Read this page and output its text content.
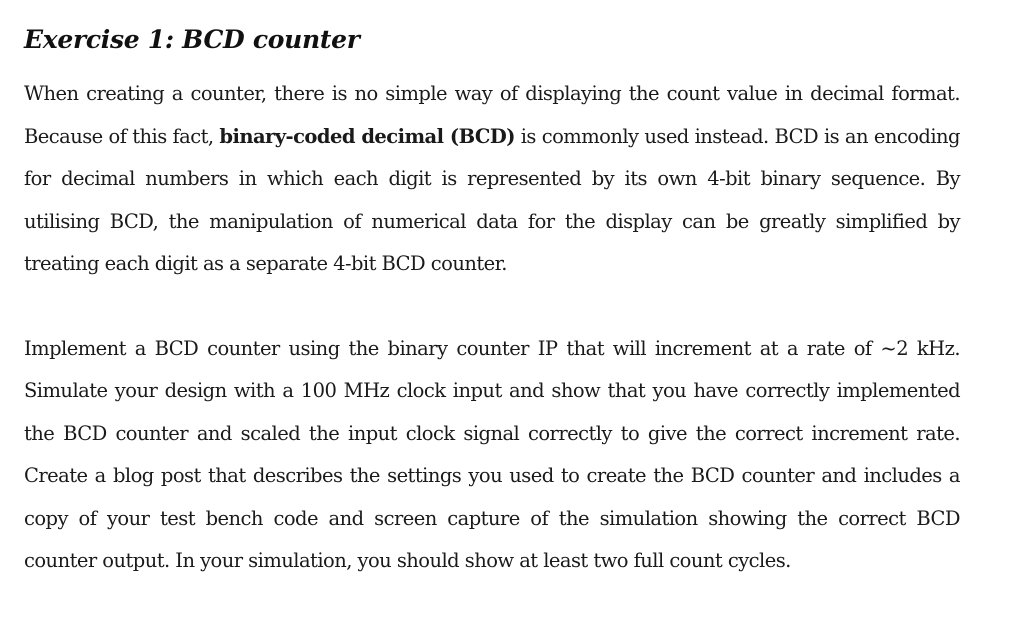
Exercise 1: BCD counter

When creating a counter, there is no simple way of displaying the count value in decimal format. Because of this fact, binary-coded decimal (BCD) is commonly used instead. BCD is an encoding for decimal numbers in which each digit is represented by its own 4-bit binary sequence. By utilising BCD, the manipulation of numerical data for the display can be greatly simplified by treating each digit as a separate 4-bit BCD counter.

Implement a BCD counter using the binary counter IP that will increment at a rate of ~2 kHz. Simulate your design with a 100 MHz clock input and show that you have correctly implemented the BCD counter and scaled the input clock signal correctly to give the correct increment rate. Create a blog post that describes the settings you used to create the BCD counter and includes a copy of your test bench code and screen capture of the simulation showing the correct BCD counter output. In your simulation, you should show at least two full count cycles.
